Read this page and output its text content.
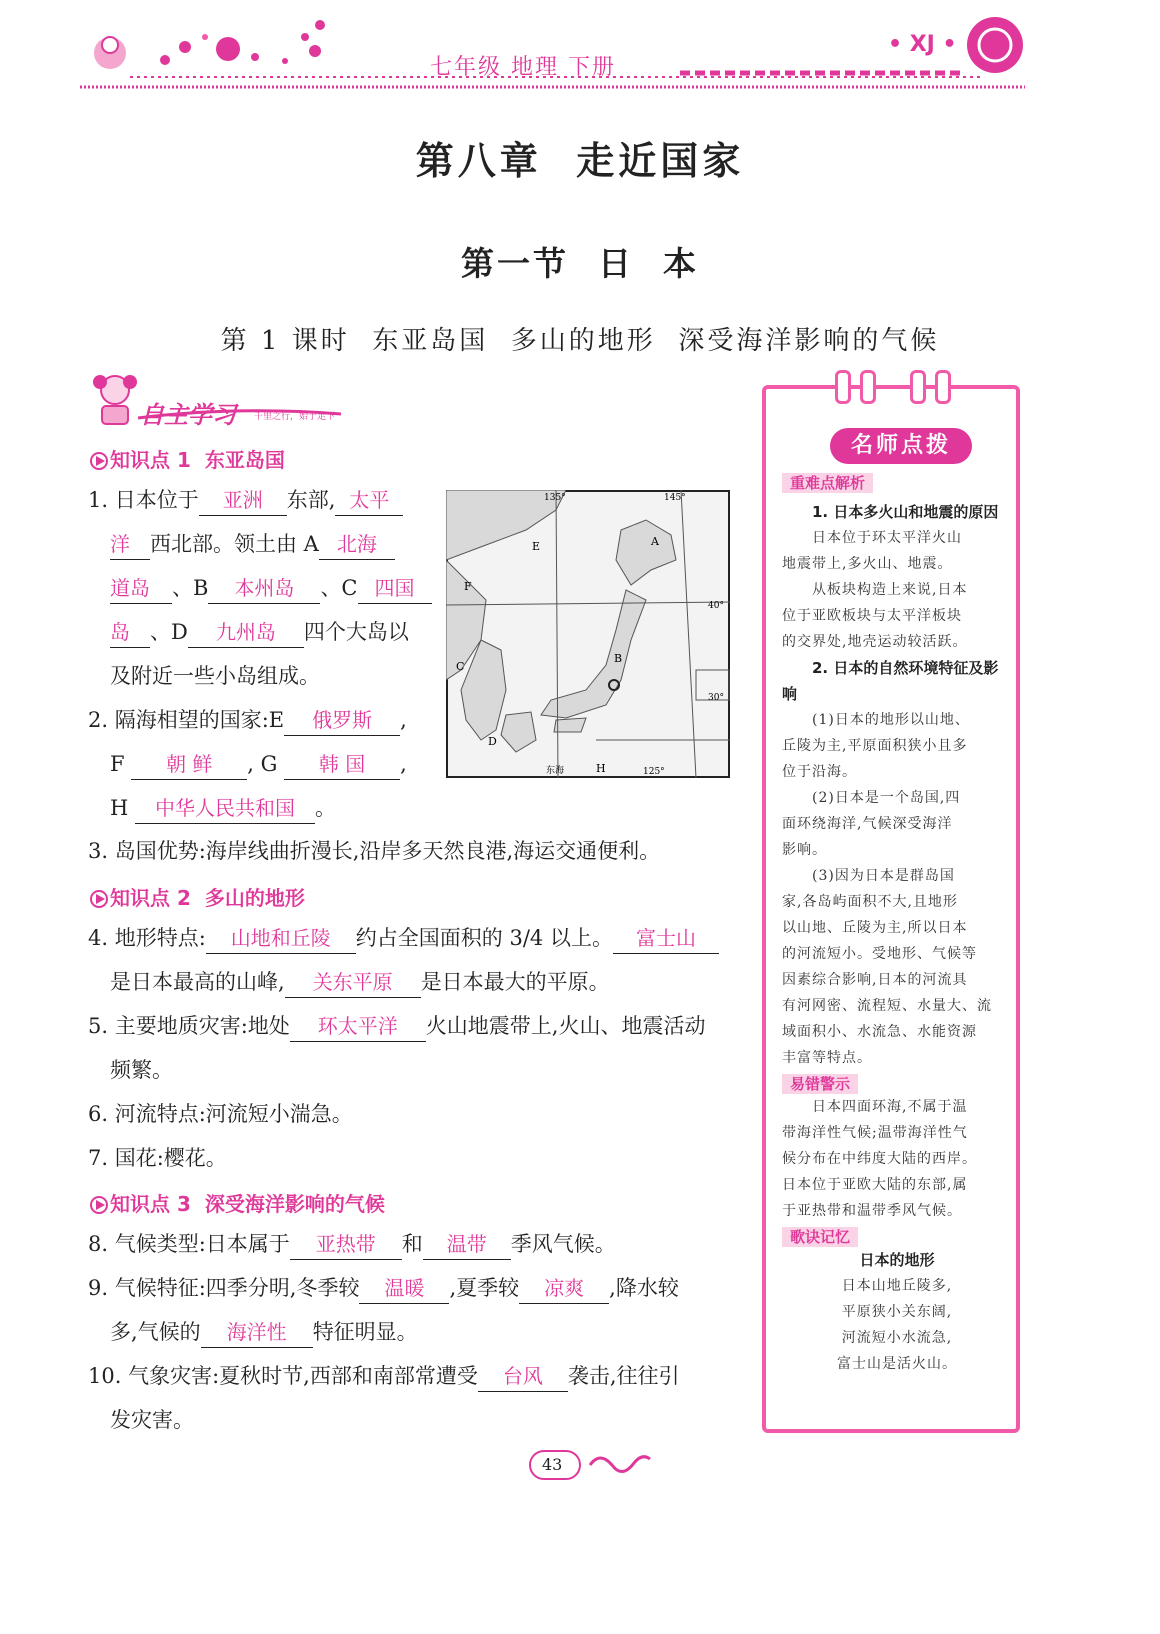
七年级 地理 下册
• XJ •
第八章  走近国家
第一节  日  本
第 1 课时  东亚岛国  多山的地形  深受海洋影响的气候
自主学习 千里之行，始于足下
知识点 1 东亚岛国
1. 日本位于 亚洲 东部, 太平
洋 西北部。领土由 A 北海
道岛 、B 本州岛 、C 四国
岛 、D 九州岛 四个大岛以
及附近一些小岛组成。
2. 隔海相望的国家:E 俄罗斯 ,
F 朝 鲜 , G 韩 国 ,
H 中华人民共和国 。
A
B
C
D
E
F
H
135°	145°
40°
30°
125°
东海
3. 岛国优势:海岸线曲折漫长,沿岸多天然良港,海运交通便利。
知识点 2 多山的地形
4. 地形特点: 山地和丘陵 约占全国面积的 3/4 以上。 富士山
是日本最高的山峰, 关东平原 是日本最大的平原。
5. 主要地质灾害:地处 环太平洋 火山地震带上,火山、地震活动
频繁。
6. 河流特点:河流短小湍急。
7. 国花:樱花。
知识点 3 深受海洋影响的气候
8. 气候类型:日本属于 亚热带 和 温带 季风气候。
9. 气候特征:四季分明,冬季较 温暖 ,夏季较 凉爽 ,降水较
多,气候的 海洋性 特征明显。
10. 气象灾害:夏秋时节,西部和南部常遭受 台风 袭击,往往引
发灾害。
名师点拨
重难点解析
1. 日本多火山和地震的原因
日本位于环太平洋火山
地震带上,多火山、地震。
从板块构造上来说,日本
位于亚欧板块与太平洋板块
的交界处,地壳运动较活跃。
2. 日本的自然环境特征及影响
(1)日本的地形以山地、
丘陵为主,平原面积狭小且多
位于沿海。
(2)日本是一个岛国,四
面环绕海洋,气候深受海洋
影响。
(3)因为日本是群岛国
家,各岛屿面积不大,且地形
以山地、丘陵为主,所以日本
的河流短小。受地形、气候等
因素综合影响,日本的河流具
有河网密、流程短、水量大、流
域面积小、水流急、水能资源
丰富等特点。
易错警示
日本四面环海,不属于温
带海洋性气候;温带海洋性气
候分布在中纬度大陆的西岸。
日本位于亚欧大陆的东部,属
于亚热带和温带季风气候。
歌诀记忆
日本的地形
日本山地丘陵多,
平原狭小关东阔,
河流短小水流急,
富士山是活火山。
43
